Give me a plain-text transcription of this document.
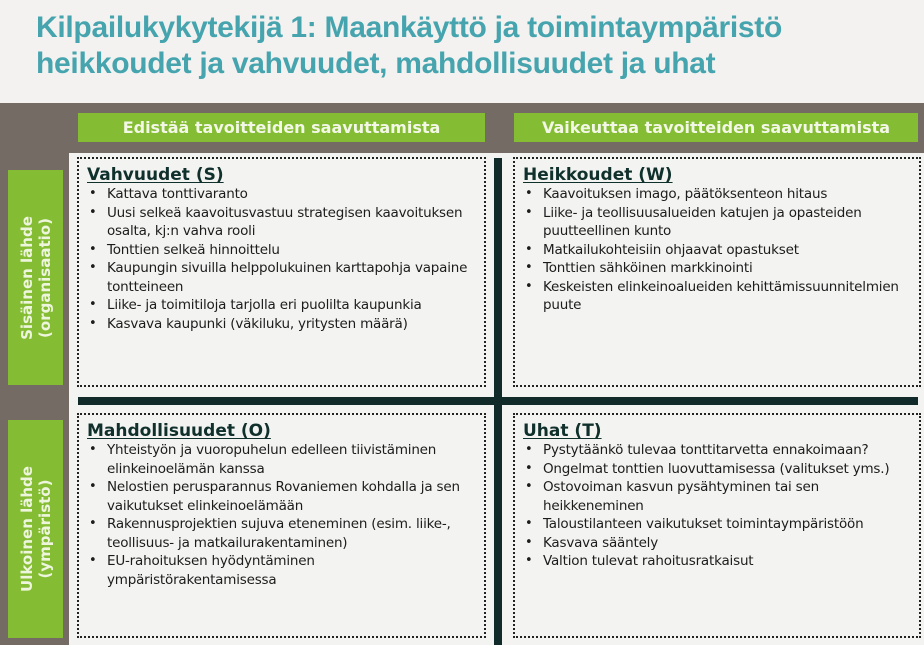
Kilpailukykytekijä 1: Maankäyttö ja toimintaympäristö
heikkoudet ja vahvuudet, mahdollisuudet ja uhat
Edistää tavoitteiden saavuttamista	Vaikeuttaa tavoitteiden saavuttamista
Sisäinen lähde (organisaatio)
Ulkoinen lähde (ympäristö)
Vahvuudet (S)
• Kattava tonttivaranto
• Uusi selkeä kaavoitusvastuu strategisen kaavoituksen osalta, kj:n vahva rooli
• Tonttien selkeä hinnoittelu
• Kaupungin sivuilla helppolukuinen karttapohja vapaine tontteineen
• Liike- ja toimitiloja tarjolla eri puolilta kaupunkia
• Kasvava kaupunki (väkiluku, yritysten määrä)
Heikkoudet (W)
• Kaavoituksen imago, päätöksenteon hitaus
• Liike- ja teollisuusalueiden katujen ja opasteiden puutteellinen kunto
• Matkailukohteisiin ohjaavat opastukset
• Tonttien sähköinen markkinointi
• Keskeisten elinkeinoalueiden kehittämissuunnitelmien puute
Mahdollisuudet (O)
• Yhteistyön ja vuoropuhelun edelleen tiivistäminen elinkeinoelämän kanssa
• Nelostien perusparannus Rovaniemen kohdalla ja sen vaikutukset elinkeinoelämään
• Rakennusprojektien sujuva eteneminen (esim. liike-, teollisuus- ja matkailurakentaminen)
• EU-rahoituksen hyödyntäminen ympäristörakentamisessa
Uhat (T)
• Pystytäänkö tulevaa tonttitarvetta ennakoimaan?
• Ongelmat tonttien luovuttamisessa (valitukset yms.)
• Ostovoiman kasvun pysähtyminen tai sen heikkeneminen
• Taloustilanteen vaikutukset toimintaympäristöön
• Kasvava sääntely
• Valtion tulevat rahoitusratkaisut
